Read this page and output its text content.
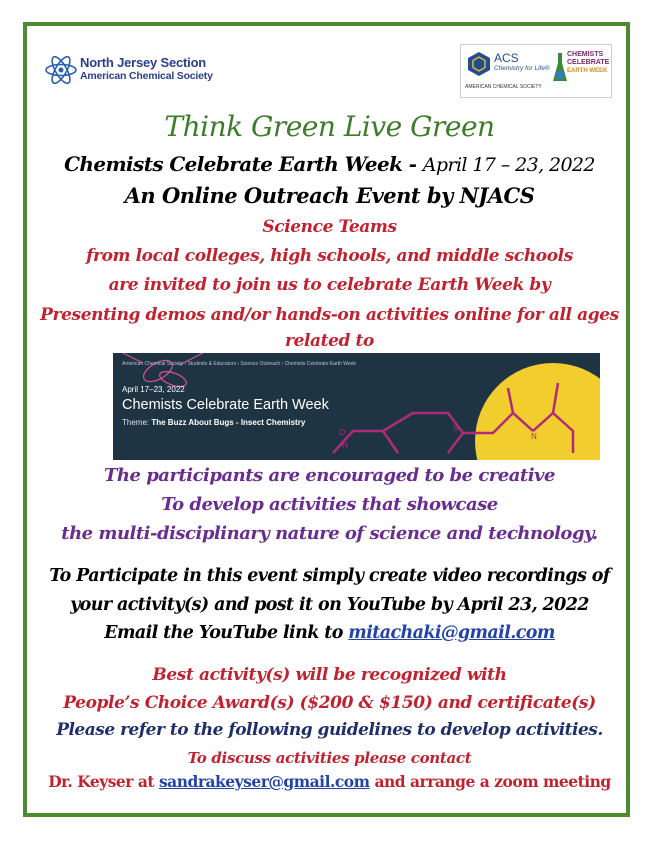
North Jersey Section
American Chemical Society
ACS
Chemistry for Life®
AMERICAN CHEMICAL SOCIETY
CHEMISTS
CELEBRATE
EARTH WEEK
Think Green Live Green
Chemists Celebrate Earth Week - April 17 – 23, 2022
An Online Outreach Event by NJACS
Science Teams
from local colleges, high schools, and middle schools
are invited to join us to celebrate Earth Week by
Presenting demos and/or hands-on activities online for all ages
related to
S
N
O
H
American Chemical Society › Students & Educators › Science Outreach › Chemists Celebrate Earth Week
April 17–23, 2022
Chemists Celebrate Earth Week
Theme: The Buzz About Bugs - Insect Chemistry
The participants are encouraged to be creative
To develop activities that showcase
the multi-disciplinary nature of science and technology.
To Participate in this event simply create video recordings of
your activity(s) and post it on YouTube by April 23, 2022
Email the YouTube link to mitachaki@gmail.com
Best activity(s) will be recognized with
People’s Choice Award(s) ($200 & $150) and certificate(s)
Please refer to the following guidelines to develop activities.
To discuss activities please contact
Dr. Keyser at sandrakeyser@gmail.com and arrange a zoom meeting
